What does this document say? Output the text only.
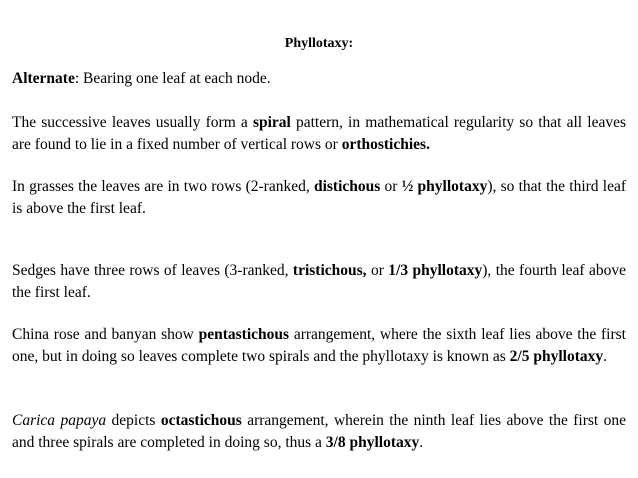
Phyllotaxy:

Alternate: Bearing one leaf at each node.

The successive leaves usually form a spiral pattern, in mathematical regularity so that all leaves are found to lie in a fixed number of vertical rows or orthostichies.

In grasses the leaves are in two rows (2-ranked, distichous or ½ phyllotaxy), so that the third leaf is above the first leaf.

Sedges have three rows of leaves (3-ranked, tristichous, or 1/3 phyllotaxy), the fourth leaf above the first leaf.

China rose and banyan show pentastichous arrangement, where the sixth leaf lies above the first one, but in doing so leaves complete two spirals and the phyllotaxy is known as 2/5 phyllotaxy.

Carica papaya depicts octastichous arrangement, wherein the ninth leaf lies above the first one and three spirals are completed in doing so, thus a 3/8 phyllotaxy.
